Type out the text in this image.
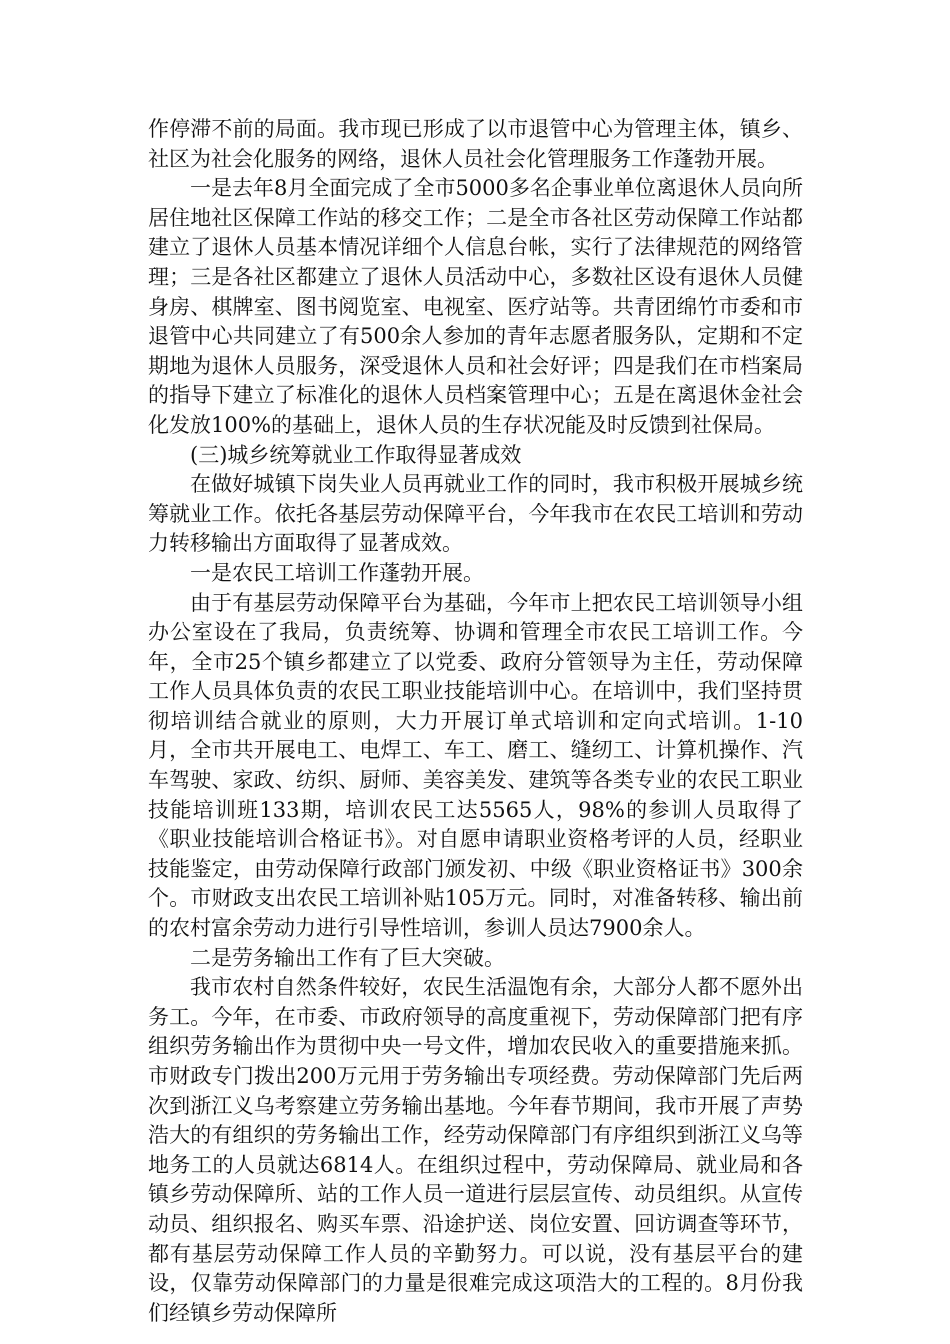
作停滞不前的局面。我市现已形成了以市退管中心为管理主体，镇乡、社区为社会化服务的网络，退休人员社会化管理服务工作蓬勃开展。

一是去年8月全面完成了全市5000多名企事业单位离退休人员向所居住地社区保障工作站的移交工作；二是全市各社区劳动保障工作站都建立了退休人员基本情况详细个人信息台帐，实行了法律规范的网络管理；三是各社区都建立了退休人员活动中心，多数社区设有退休人员健身房、棋牌室、图书阅览室、电视室、医疗站等。共青团绵竹市委和市退管中心共同建立了有500余人参加的青年志愿者服务队，定期和不定期地为退休人员服务，深受退休人员和社会好评；四是我们在市档案局的指导下建立了标准化的退休人员档案管理中心；五是在离退休金社会化发放100%的基础上，退休人员的生存状况能及时反馈到社保局。

(三)城乡统筹就业工作取得显著成效

在做好城镇下岗失业人员再就业工作的同时，我市积极开展城乡统筹就业工作。依托各基层劳动保障平台，今年我市在农民工培训和劳动力转移输出方面取得了显著成效。

一是农民工培训工作蓬勃开展。

由于有基层劳动保障平台为基础，今年市上把农民工培训领导小组办公室设在了我局，负责统筹、协调和管理全市农民工培训工作。今年，全市25个镇乡都建立了以党委、政府分管领导为主任，劳动保障工作人员具体负责的农民工职业技能培训中心。在培训中，我们坚持贯彻培训结合就业的原则，大力开展订单式培训和定向式培训。1-10月，全市共开展电工、电焊工、车工、磨工、缝纫工、计算机操作、汽车驾驶、家政、纺织、厨师、美容美发、建筑等各类专业的农民工职业技能培训班133期，培训农民工达5565人，98%的参训人员取得了《职业技能培训合格证书》。对自愿申请职业资格考评的人员，经职业技能鉴定，由劳动保障行政部门颁发初、中级《职业资格证书》300余个。市财政支出农民工培训补贴105万元。同时，对准备转移、输出前的农村富余劳动力进行引导性培训，参训人员达7900余人。

二是劳务输出工作有了巨大突破。

我市农村自然条件较好，农民生活温饱有余，大部分人都不愿外出务工。今年，在市委、市政府领导的高度重视下，劳动保障部门把有序组织劳务输出作为贯彻中央一号文件，增加农民收入的重要措施来抓。市财政专门拨出200万元用于劳务输出专项经费。劳动保障部门先后两次到浙江义乌考察建立劳务输出基地。今年春节期间，我市开展了声势浩大的有组织的劳务输出工作，经劳动保障部门有序组织到浙江义乌等地务工的人员就达6814人。在组织过程中，劳动保障局、就业局和各镇乡劳动保障所、站的工作人员一道进行层层宣传、动员组织。从宣传动员、组织报名、购买车票、沿途护送、岗位安置、回访调查等环节，都有基层劳动保障工作人员的辛勤努力。可以说，没有基层平台的建设，仅靠劳动保障部门的力量是很难完成这项浩大的工程的。8月份我们经镇乡劳动保障所
